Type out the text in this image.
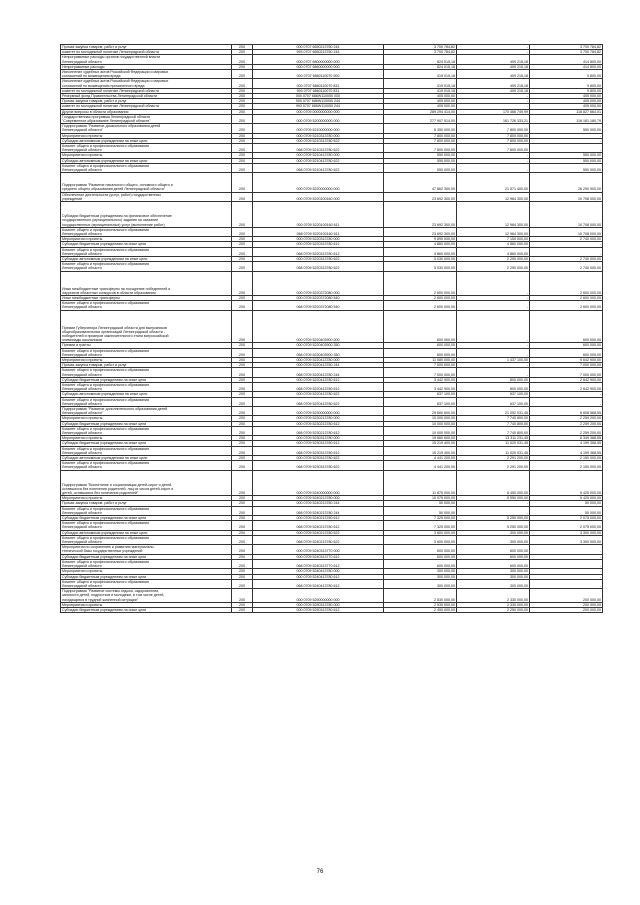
Прочая закупка товаров, работ и услуг	200	000 0707 6650213760 244	3 700 784,82	-	3 700 784,82
комитет по молодежной политике Ленинградской области	200	993 0707 6650213760 244	3 700 784,82	-	3 700 784,82
Непрограммные расходы органов государственной власти
Ленинградской области	200	000 0707 6800000000 000	824 015,18	409 215,18	414 800,00
Непрограммные расходы	200	000 0707 6860000000 000	824 015,18	409 215,18	414 800,00
Исполнение судебных актов Российской Федерации и мировых
соглашений по возмещению вреда	200	000 0707 6860110070 000	419 015,18	409 215,18	9 800,00
Исполнение судебных актов Российской Федерации и мировых
соглашений по возмещению причиненного вреда	200	000 0707 6860110070 831	419 015,18	409 215,18	9 800,00
комитет по молодежной политике Ленинградской области	200	993 0707 6860110070 831	419 015,18	409 215,18	9 800,00
Резервный фонд Правительства Ленинградской области	200	000 0707 686W110050 000	405 000,00	-	405 000,00
Прочая закупка товаров, работ и услуг	200	000 0707 686W110050 244	405 000,00	-	405 000,00
комитет по молодежной политике Ленинградской области	200	993 0707 686W110050 244	405 000,00	-	405 000,00
Другие вопросы в области образования	200	000 0709 0000000000 000	289 294 414,00	170 466 749,99	118 827 664,01
Государственная программа Ленинградской области
"Современное образование Ленинградской области"	200	000 0709 5200000000 000	277 907 514,00	161 726 333,21	116 181 180,79
Подпрограмма "Развитие дошкольного образования детей
Ленинградской области"	200	000 0709 5210000000 000	8 350 000,00	7 800 000,00	550 000,00
Мероприятия и проекты	200	000 0709 5210313780 000	7 800 000,00	7 800 000,00	-
Субсидии автономным учреждениям на иные цели	200	000 0709 5210313780 622	7 800 000,00	7 800 000,00	-
Комитет общего и профессионального образования
Ленинградской области	200	068 0709 5210313780 622	7 800 000,00	7 800 000,00	-
Мероприятия и проекты	200	000 0709 5210413780 000	550 000,00	-	550 000,00
Субсидии автономным учреждениям на иные цели	200	000 0709 5210413780 622	550 000,00	-	550 000,00
Комитет общего и профессионального образования
Ленинградской области	200	068 0709 5210413780 622	550 000,00	-	550 000,00
Подпрограмма "Развитие начального общего, основного общего и
среднего общего образования детей Ленинградской области"	200	000 0709 5220000000 000	47 862 300,00	21 571 400,00	26 290 900,00
Обеспечение деятельности (услуг, работ) государственных
учреждений	200	000 0709 5220100160 000	23 692 300,00	12 984 300,00	10 708 000,00
Субсидии бюджетным учреждениям на финансовое обеспечение
государственного (муниципального) задания на оказание
государственных (муниципальных) услуг (выполнение работ)	200	000 0709 5220100160 611	23 692 300,00	12 984 300,00	10 708 000,00
Комитет общего и профессионального образования
Ленинградской области	200	068 0709 5220100160 611	23 692 300,00	12 984 300,00	10 708 000,00
Мероприятия и проекты	200	000 0709 5220313780 000	9 890 000,00	7 150 000,00	2 740 000,00
Субсидии бюджетным учреждениям на иные цели	200	000 0709 5220313780 612	4 860 000,00	4 860 000,00	-
Комитет общего и профессионального образования
Ленинградской области	200	068 0709 5220313780 612	4 860 000,00	4 860 000,00	-
Субсидии автономным учреждениям на иные цели	200	000 0709 5220313780 622	5 030 000,00	2 290 000,00	2 740 000,00
Комитет общего и профессионального образования
Ленинградской области	200	068 0709 5220313780 622	5 030 000,00	2 290 000,00	2 740 000,00
Иные межбюджетные трансферты на поощрение победителей и
лауреатов областных конкурсов в области образования	200	000 0709 5220372080 000	2 600 000,00	-	2 600 000,00
Иные межбюджетные трансферты	200	000 0709 5220372080 540	2 600 000,00	-	2 600 000,00
Комитет общего и профессионального образования
Ленинградской области	200	068 0709 5220372080 540	2 600 000,00	-	2 600 000,00
Премии Губернатора Ленинградской области для выпускников
общеобразовательных организаций Ленинградской области -
победителей и призеров заключительного этапа всероссийской
олимпиады школьников	200	000 0709 5220403900 000	600 000,00	-	600 000,00
Премии и гранты	200	000 0709 5220403900 350	600 000,00	-	600 000,00
Комитет общего и профессионального образования
Ленинградской области	200	068 0709 5220403900 350	600 000,00	-	600 000,00
Мероприятия и проекты	200	000 0709 5220413780 000	11 080 000,00	1 437 100,00	9 642 900,00
Прочая закупка товаров, работ и услуг	200	000 0709 5220413780 244	7 000 000,00	-	7 000 000,00
Комитет общего и профессионального образования
Ленинградской области	200	068 0709 5220413780 244	7 000 000,00	-	7 000 000,00
Субсидии бюджетным учреждениям на иные цели	200	000 0709 5220413780 612	3 442 900,00	800 000,00	2 642 900,00
Комитет общего и профессионального образования
Ленинградской области	200	068 0709 5220413780 612	3 442 900,00	800 000,00	2 642 900,00
Субсидии автономным учреждениям на иные цели	200	000 0709 5220413780 622	637 100,00	637 100,00	-
Комитет общего и профессионального образования
Ленинградской области	200	068 0709 5220413780 622	637 100,00	637 100,00	-
Подпрограмма "Развитие дополнительного образования детей
Ленинградской области"	200	000 0709 5230000000 000	29 660 600,00	21 052 031,45	8 608 568,55
Мероприятия и проекты	200	000 0709 5230213780 000	10 000 000,00	7 740 800,00	2 259 200,00
Субсидии бюджетным учреждениям на иные цели	200	000 0709 5230213780 612	10 000 000,00	7 740 800,00	2 259 200,00
Комитет общего и профессионального образования
Ленинградской области	200	068 0709 5230213780 612	10 000 000,00	7 740 800,00	2 259 200,00
Мероприятия и проекты	200	000 0709 5230313780 000	19 660 600,00	13 311 231,45	6 349 368,55
Субсидии бюджетным учреждениям на иные цели	200	000 0709 5230313780 612	15 219 400,00	11 020 031,45	4 199 368,55
Комитет общего и профессионального образования
Ленинградской области	200	068 0709 5230313780 612	15 219 400,00	11 020 031,45	4 199 368,55
Субсидии автономным учреждениям на иные цели	200	000 0709 5230313780 622	4 441 200,00	2 291 200,00	2 150 000,00
Комитет общего и профессионального образования
Ленинградской области	200	068 0709 5230313780 622	4 441 200,00	2 291 200,00	2 150 000,00
Подпрограмма "Воспитание и социализация детей-сирот и детей,
оставшихся без попечения родителей, лиц из числа детей-сирот и
детей, оставшихся без попечения родителей"	200	000 0709 5240000000 000	11 875 000,00	6 450 000,00	5 425 000,00
Мероприятия и проекты	200	000 0709 5240213780 000	10 975 000,00	5 550 000,00	5 425 000,00
Прочая закупка товаров, работ и услуг	200	000 0709 5240213780 244	50 000,00	-	50 000,00
Комитет общего и профессионального образования
Ленинградской области	200	068 0709 5240213780 244	50 000,00	-	50 000,00
Субсидии бюджетным учреждениям на иные цели	200	000 0709 5240213780 612	7 325 000,00	5 250 000,00	2 075 000,00
Комитет общего и профессионального образования
Ленинградской области	200	068 0709 5240213780 612	7 325 000,00	5 250 000,00	2 075 000,00
Субсидии автономным учреждениям на иные цели	200	000 0709 5240213780 622	3 600 000,00	300 000,00	3 300 000,00
Комитет общего и профессионального образования
Ленинградской области	200	068 0709 5240213780 622	3 600 000,00	300 000,00	3 300 000,00
Мероприятия по сохранению и развитию материально-
технической базы государственных учреждений	200	000 0709 5240313770 000	600 000,00	600 000,00	-
Субсидии бюджетным учреждениям на иные цели	200	000 0709 5240313770 612	600 000,00	600 000,00	-
Комитет общего и профессионального образования
Ленинградской области	200	068 0709 5240313770 612	600 000,00	600 000,00	-
Мероприятия и проекты	200	000 0709 5240413780 000	300 000,00	300 000,00	-
Субсидии бюджетным учреждениям на иные цели	200	000 0709 5240413780 612	300 000,00	300 000,00	-
Комитет общего и профессионального образования
Ленинградской области	200	068 0709 5240413780 612	300 000,00	300 000,00	-
Подпрограмма "Развитие системы отдыха, оздоровления,
занятости детей, подростков и молодежи, в том числе детей,
находящихся в трудной жизненной ситуации"	200	000 0709 5250000000 000	2 530 000,00	2 330 000,00	200 000,00
Мероприятия и проекты	200	000 0709 5250313780 000	2 530 000,00	2 330 000,00	200 000,00
Субсидии бюджетным учреждениям на иные цели	200	000 0709 5250313780 612	2 450 000,00	2 250 000,00	200 000,00
76
